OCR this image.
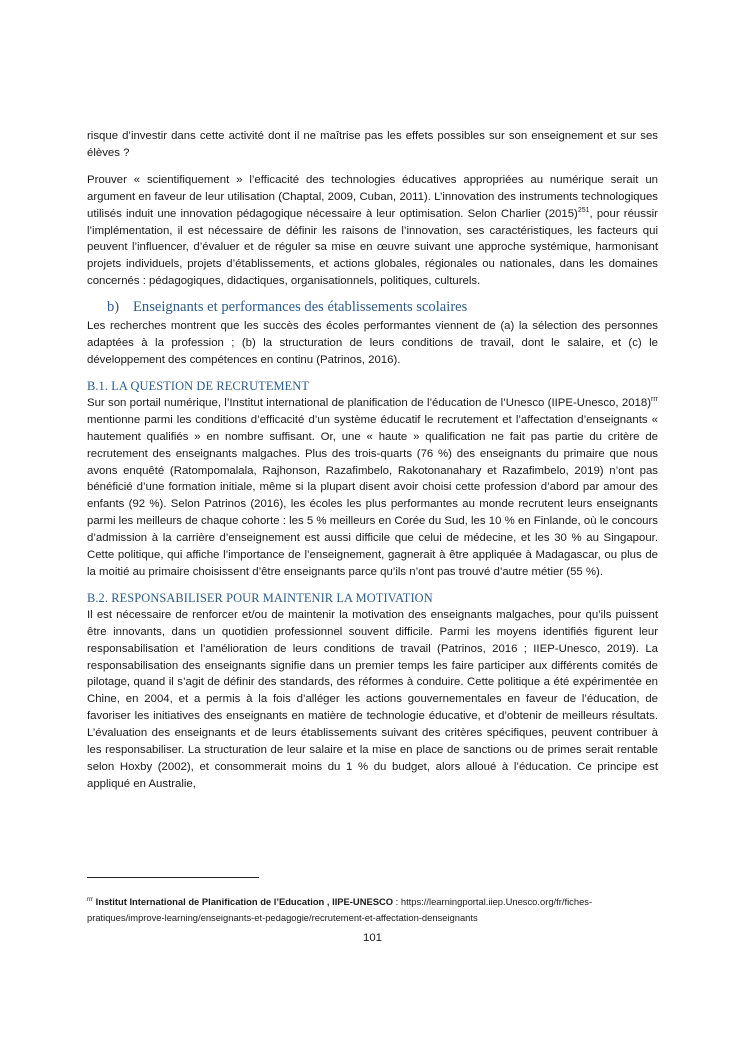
risque d’investir dans cette activité dont il ne maîtrise pas les effets possibles sur son enseignement et sur ses élèves ?

Prouver « scientifiquement » l’efficacité des technologies éducatives appropriées au numérique serait un argument en faveur de leur utilisation (Chaptal, 2009, Cuban, 2011). L’innovation des instruments technologiques utilisés induit une innovation pédagogique nécessaire à leur optimisation. Selon Charlier $(2015)^{251}$, pour réussir l’implémentation, il est nécessaire de définir les raisons de l’innovation, ses caractéristiques, les facteurs qui peuvent l’influencer, d’évaluer et de réguler sa mise en œuvre suivant une approche systémique, harmonisant projets individuels, projets d’établissements, et actions globales, régionales ou nationales, dans les domaines concernés : pédagogiques, didactiques, organisationnels, politiques, culturels.

b) Enseignants et performances des établissements scolaires

Les recherches montrent que les succès des écoles performantes viennent de (a) la sélection des personnes adaptées à la profession ; (b) la structuration de leurs conditions de travail, dont le salaire, et (c) le développement des compétences en continu (Patrinos, 2016).

B.1. LA QUESTION DE RECRUTEMENT

Sur son portail numérique, l’Institut international de planification de l’éducation de l’Unesco (IIPE-Unesco, 2018)$^{rrr}$ mentionne parmi les conditions d’efficacité d’un système éducatif le recrutement et l’affectation d’enseignants « hautement qualifiés » en nombre suffisant. Or, une « haute » qualification ne fait pas partie du critère de recrutement des enseignants malgaches. Plus des trois-quarts (76 %) des enseignants du primaire que nous avons enquêté (Ratompomalala, Rajhonson, Razafimbelo, Rakotonanahary et Razafimbelo, 2019) n’ont pas bénéficié d’une formation initiale, même si la plupart disent avoir choisi cette profession d’abord par amour des enfants (92 %). Selon Patrinos (2016), les écoles les plus performantes au monde recrutent leurs enseignants parmi les meilleurs de chaque cohorte : les 5 % meilleurs en Corée du Sud, les 10 % en Finlande, où le concours d’admission à la carrière d’enseignement est aussi difficile que celui de médecine, et les 30 % au Singapour. Cette politique, qui affiche l’importance de l’enseignement, gagnerait à être appliquée à Madagascar, ou plus de la moitié au primaire choisissent d’être enseignants parce qu’ils n’ont pas trouvé d’autre métier (55 %).

B.2. RESPONSABILISER POUR MAINTENIR LA MOTIVATION

Il est nécessaire de renforcer et/ou de maintenir la motivation des enseignants malgaches, pour qu’ils puissent être innovants, dans un quotidien professionnel souvent difficile. Parmi les moyens identifiés figurent leur responsabilisation et l’amélioration de leurs conditions de travail (Patrinos, 2016 ; IIEP-Unesco, 2019). La responsabilisation des enseignants signifie dans un premier temps les faire participer aux différents comités de pilotage, quand il s’agit de définir des standards, des réformes à conduire. Cette politique a été expérimentée en Chine, en 2004, et a permis à la fois d’alléger les actions gouvernementales en faveur de l’éducation, de favoriser les initiatives des enseignants en matière de technologie éducative, et d’obtenir de meilleurs résultats. L’évaluation des enseignants et de leurs établissements suivant des critères spécifiques, peuvent contribuer à les responsabiliser. La structuration de leur salaire et la mise en place de sanctions ou de primes serait rentable selon Hoxby (2002), et consommerait moins du 1 % du budget, alors alloué à l’éducation. Ce principe est appliqué en Australie,

$^{rrr}$ Institut International de Planification de l’Education , IIPE-UNESCO : https://learningportal.iiep.Unesco.org/fr/fiches-pratiques/improve-learning/enseignants-et-pedagogie/recrutement-et-affectation-denseignants
101
